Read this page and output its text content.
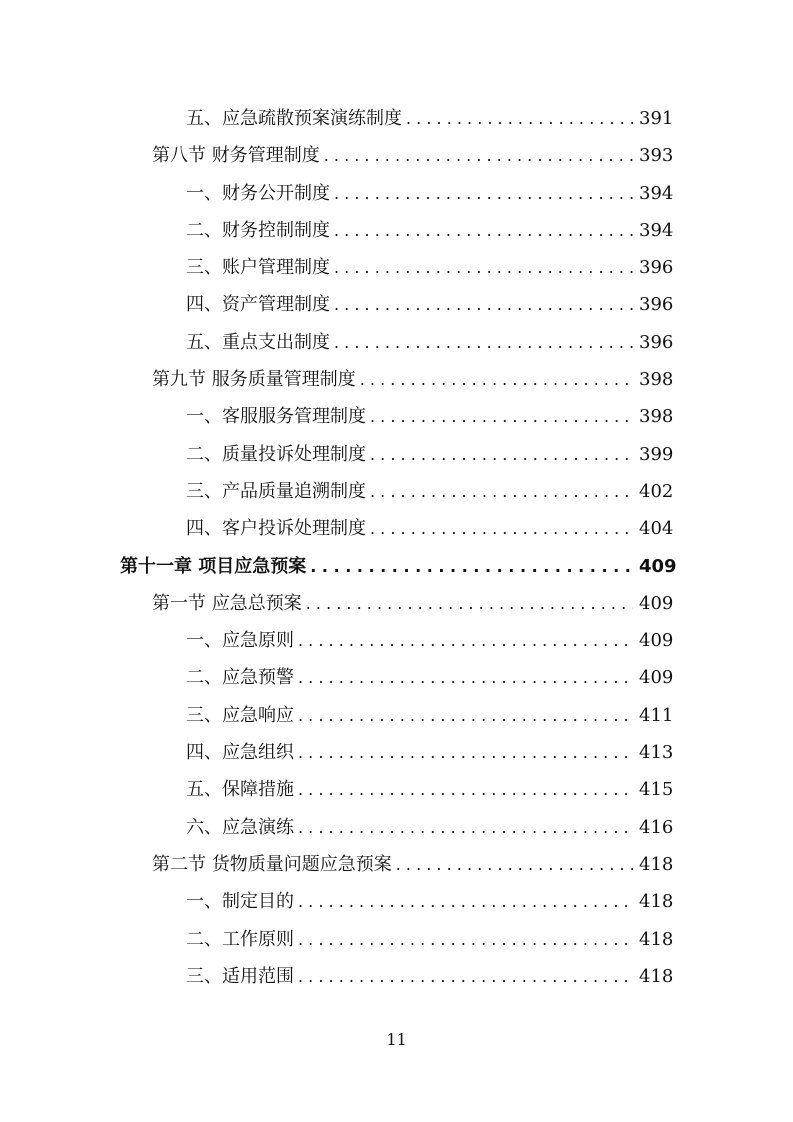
五、应急疏散预案演练制度 . . .	391
第八节 财务管理制度 . . .	393
一、财务公开制度 . . .	394
二、财务控制制度 . . .	394
三、账户管理制度 . . .	396
四、资产管理制度 . . .	396
五、重点支出制度 . . .	396
第九节 服务质量管理制度 . . .	398
一、客服服务管理制度 . . .	398
二、质量投诉处理制度 . . .	399
三、产品质量追溯制度 . . .	402
四、客户投诉处理制度 . . .	404
第十一章 项目应急预案 . . .	409
第一节 应急总预案 . . .	409
一、应急原则 . . .	409
二、应急预警 . . .	409
三、应急响应 . . .	411
四、应急组织 . . .	413
五、保障措施 . . .	415
六、应急演练 . . .	416
第二节 货物质量问题应急预案 . . .	418
一、制定目的 . . .	418
二、工作原则 . . .	418
三、适用范围 . . .	418
11
